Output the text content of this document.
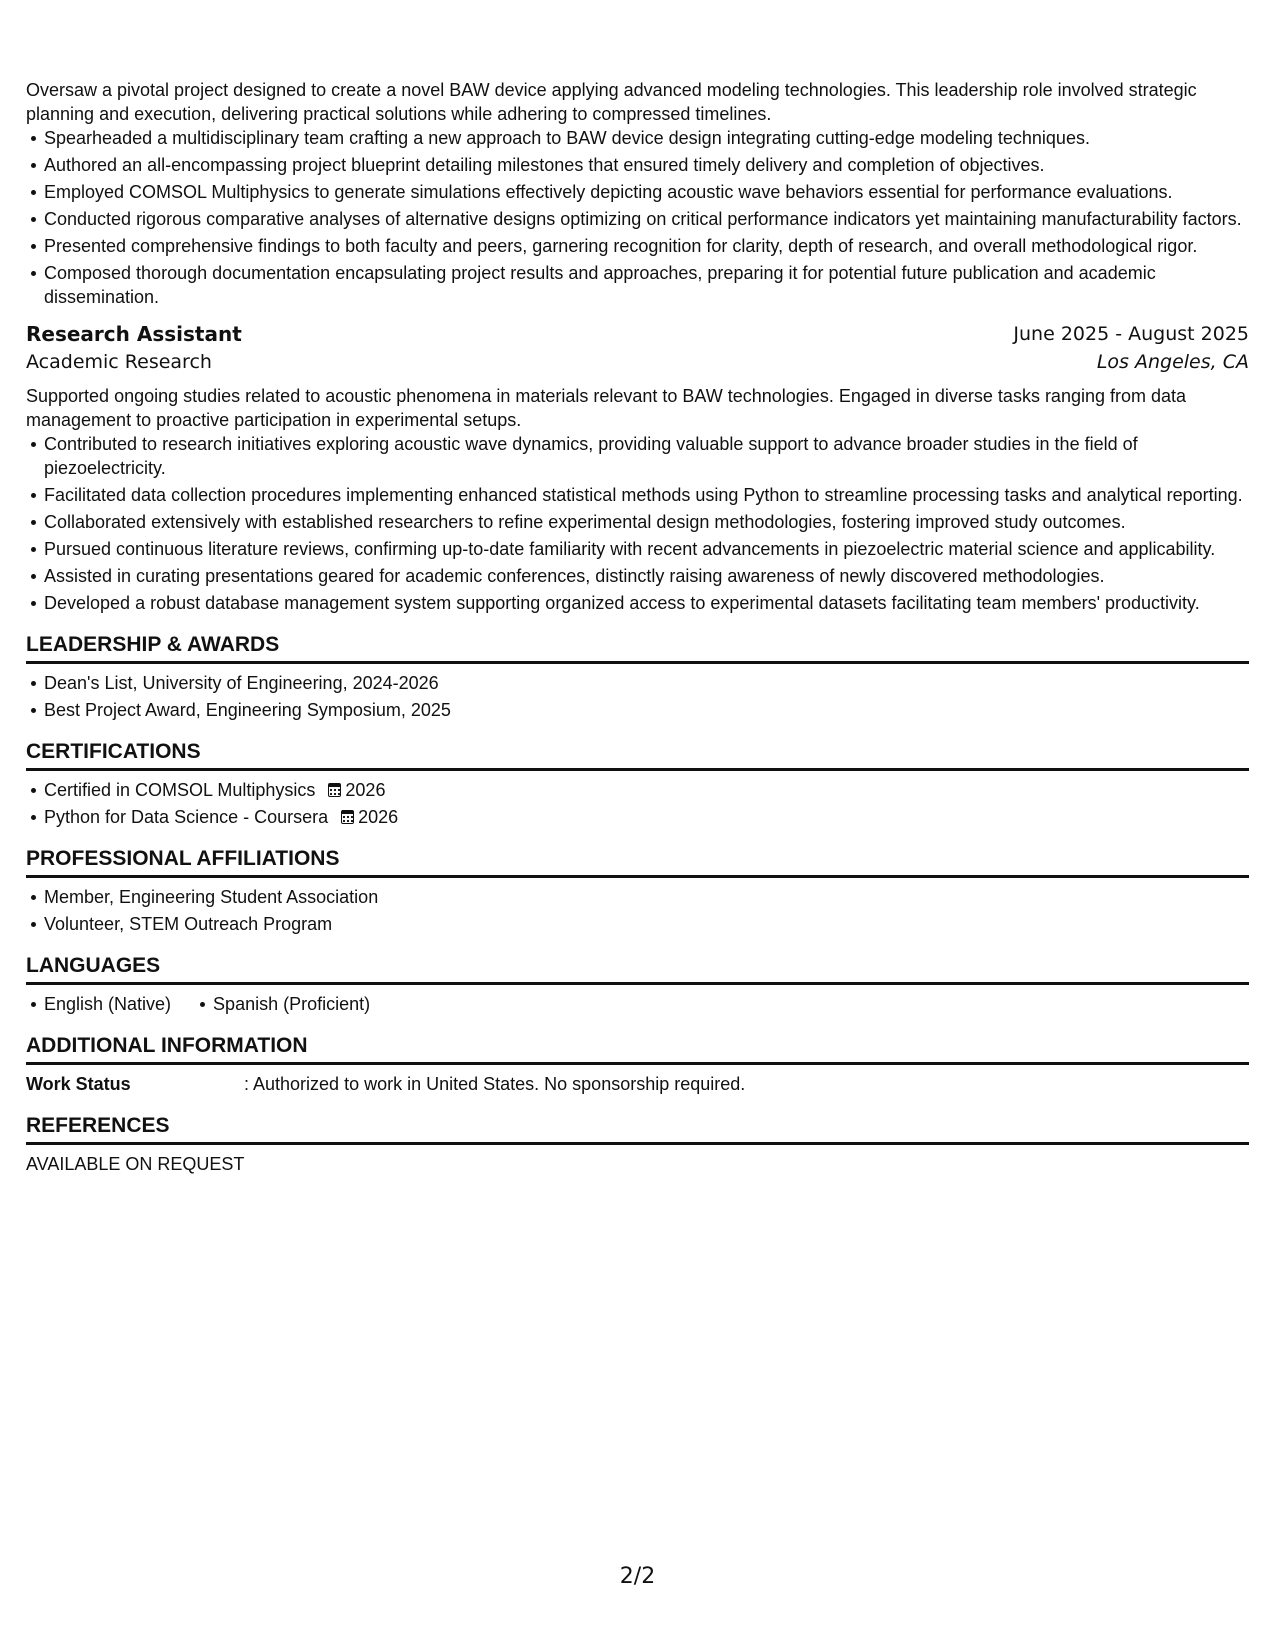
Oversaw a pivotal project designed to create a novel BAW device applying advanced modeling technologies. This leadership role involved strategic planning and execution, delivering practical solutions while adhering to compressed timelines.

Spearheaded a multidisciplinary team crafting a new approach to BAW device design integrating cutting-edge modeling techniques.
Authored an all-encompassing project blueprint detailing milestones that ensured timely delivery and completion of objectives.
Employed COMSOL Multiphysics to generate simulations effectively depicting acoustic wave behaviors essential for performance evaluations.
Conducted rigorous comparative analyses of alternative designs optimizing on critical performance indicators yet maintaining manufacturability factors.
Presented comprehensive findings to both faculty and peers, garnering recognition for clarity, depth of research, and overall methodological rigor.
Composed thorough documentation encapsulating project results and approaches, preparing it for potential future publication and academic dissemination.
Research Assistant	June 2025 - August 2025
Academic Research	Los Angeles, CA

Supported ongoing studies related to acoustic phenomena in materials relevant to BAW technologies. Engaged in diverse tasks ranging from data management to proactive participation in experimental setups.

Contributed to research initiatives exploring acoustic wave dynamics, providing valuable support to advance broader studies in the field of piezoelectricity.
Facilitated data collection procedures implementing enhanced statistical methods using Python to streamline processing tasks and analytical reporting.
Collaborated extensively with established researchers to refine experimental design methodologies, fostering improved study outcomes.
Pursued continuous literature reviews, confirming up-to-date familiarity with recent advancements in piezoelectric material science and applicability.
Assisted in curating presentations geared for academic conferences, distinctly raising awareness of newly discovered methodologies.
Developed a robust database management system supporting organized access to experimental datasets facilitating team members' productivity.
LEADERSHIP & AWARDS
Dean's List, University of Engineering, 2024-2026
Best Project Award, Engineering Symposium, 2025
CERTIFICATIONS
Certified in COMSOL Multiphysics 2026
Python for Data Science - Coursera 2026
PROFESSIONAL AFFILIATIONS
Member, Engineering Student Association
Volunteer, STEM Outreach Program
LANGUAGES
English (Native) Spanish (Proficient)
ADDITIONAL INFORMATION
Work Status	: Authorized to work in United States. No sponsorship required.
REFERENCES

AVAILABLE ON REQUEST

2/2
